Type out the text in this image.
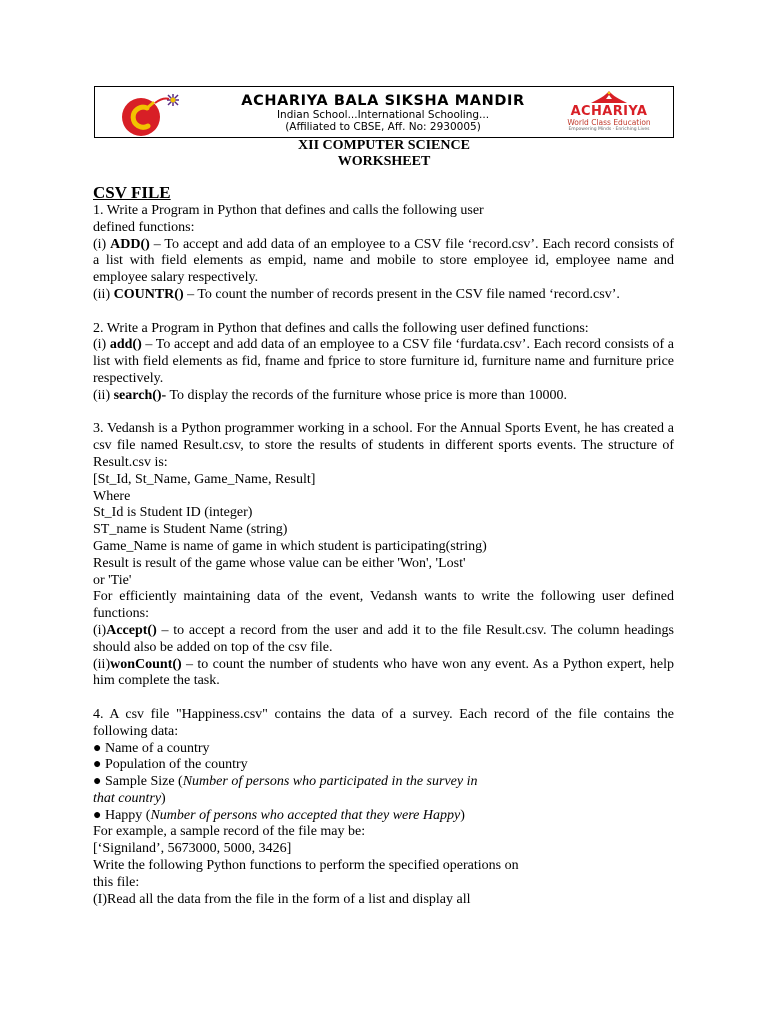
ACHARIYA BALA SIKSHA MANDIR
Indian School...International Schooling...
(Affiliated to CBSE, Aff. No: 2930005)
ACHARIYA
World Class Education
Empowering Minds · Enriching Lives
XII COMPUTER SCIENCE
WORKSHEET
CSV FILE

1. Write a Program in Python that defines and calls the following user

defined functions:

(i) ADD() – To accept and add data of an employee to a CSV file ‘record.csv’. Each record consists of a list with field elements as empid, name and mobile to store employee id, employee name and employee salary respectively.

(ii) COUNTR() – To count the number of records present in the CSV file named ‘record.csv’.

2. Write a Program in Python that defines and calls the following user defined functions:

(i) add() – To accept and add data of an employee to a CSV file ‘furdata.csv’. Each record consists of a list with field elements as fid, fname and fprice to store furniture id, furniture name and furniture price respectively.

(ii) search()- To display the records of the furniture whose price is more than 10000.

3. Vedansh is a Python programmer working in a school. For the Annual Sports Event, he has created a csv file named Result.csv, to store the results of students in different sports events. The structure of Result.csv is:

[St_Id, St_Name, Game_Name, Result]

Where

St_Id is Student ID (integer)

ST_name is Student Name (string)

Game_Name is name of game in which student is participating(string)

Result is result of the game whose value can be either 'Won', 'Lost'

or 'Tie'

For efficiently maintaining data of the event, Vedansh wants to write the following user defined functions:

(i)Accept() – to accept a record from the user and add it to the file Result.csv. The column headings should also be added on top of the csv file.

(ii)wonCount() – to count the number of students who have won any event. As a Python expert, help him complete the task.

4. A csv file "Happiness.csv" contains the data of a survey. Each record of the file contains the following data:

● Name of a country

● Population of the country

● Sample Size (Number of persons who participated in the survey in

that country)

● Happy (Number of persons who accepted that they were Happy)

For example, a sample record of the file may be:

[‘Signiland’, 5673000, 5000, 3426]

Write the following Python functions to perform the specified operations on

this file:

(I)Read all the data from the file in the form of a list and display all
